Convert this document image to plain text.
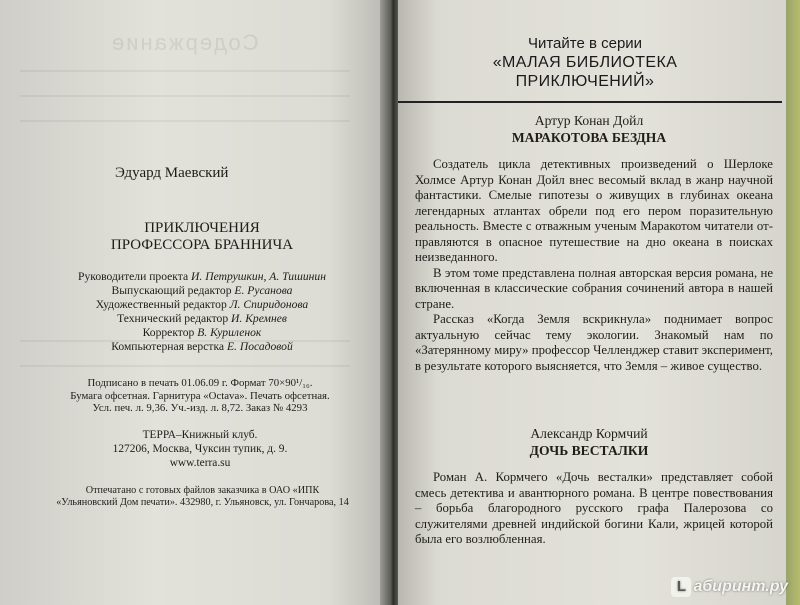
Содержание
Эдуард Маевский
ПРИКЛЮЧЕНИЯ
ПРОФЕССОРА БРАННИЧА
Руководители проекта И. Петрушкин, А. Тишинин
Выпускающий редактор Е. Русанова
Художественный редактор Л. Спиридонова
Технический редактор И. Кремнев
Корректор В. Куриленок
Компьютерная верстка Е. Посадовой
Подписано в печать 01.06.09 г. Формат 70×90¹/₁₆.
Бумага офсетная. Гарнитура «Octava». Печать офсетная.
Усл. печ. л. 9,36. Уч.-изд. л. 8,72. Заказ № 4293
ТЕРРА–Книжный клуб.
127206, Москва, Чуксин тупик, д. 9.
www.terra.su
Отпечатано с готовых файлов заказчика в ОАО «ИПК
«Ульяновский Дом печати». 432980, г. Ульяновск, ул. Гончарова, 14
Читайте в серии
«МАЛАЯ БИБЛИОТЕКА
ПРИКЛЮЧЕНИЙ»
Артур Конан Дойл
МАРАКОТОВА БЕЗДНА

Создатель цикла детективных произведений о Шерлоке Холмсе Артур Конан Дойл внес весомый вклад в жанр научной фантастики. Смелые гипотезы о живущих в глубинах океана легендарных атлантах обрели под его пером поразительную реальность. Вместе с отважным ученым Маракотом читатели отправляются в опасное путешествие на дно океана в поисках неизведанного.

В этом томе представлена полная авторская версия романа, не включенная в классические собрания сочинений автора в нашей стране.

Рассказ «Когда Земля вскрикнула» поднимает вопрос актуальную сейчас тему экологии. Знакомый нам по «Затерянному миру» профессор Челленджер ставит эксперимент, в результате которого выясняется, что Земля – живое существо.

Александр Кормчий
ДОЧЬ ВЕСТАЛКИ

Роман А. Кормчего «Дочь весталки» представляет собой смесь детектива и авантюрного романа. В центре повествования – борьба благородного русского графа Палерозова со служителями древней индийской богини Кали, жрицей которой была его возлюбленная.

L абиринт.ру
